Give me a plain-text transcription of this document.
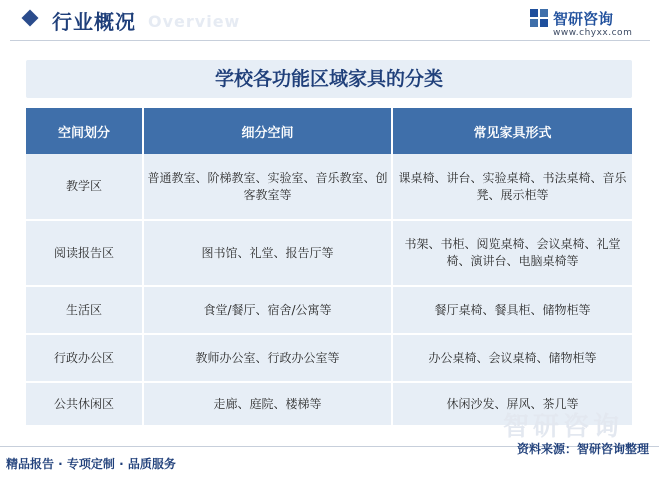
Overview
行业概况	智研咨询
www.chyxx.com
学校各功能区域家具的分类
空间划分	细分空间	常见家具形式
教学区	普通教室、阶梯教室、实验室、音乐教室、创客教室等	课桌椅、讲台、实验桌椅、书法桌椅、音乐凳、展示柜等
阅读报告区	图书馆、礼堂、报告厅等	书架、书柜、阅览桌椅、会议桌椅、礼堂椅、演讲台、电脑桌椅等
生活区	食堂/餐厅、宿舍/公寓等	餐厅桌椅、餐具柜、储物柜等
行政办公区	教师办公室、行政办公室等	办公桌椅、会议桌椅、储物柜等
公共休闲区	走廊、庭院、楼梯等	休闲沙发、屏风、茶几等
智研咨询
精品报告 · 专项定制 · 品质服务
资料来源：智研咨询整理
